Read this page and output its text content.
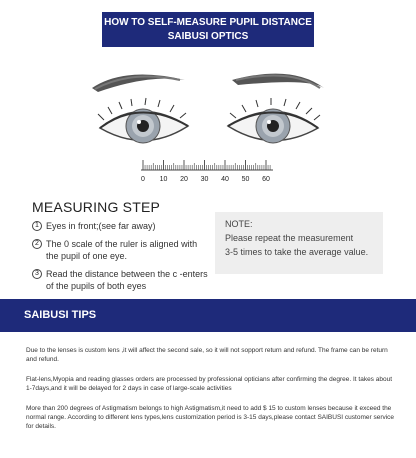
HOW TO SELF-MEASURE PUPIL DISTANCE
SAIBUSI OPTICS
0 10 20 30 40 50 60
MEASURING STEP
1 Eyes in front;(see far away)
2 The 0 scale of the ruler is aligned with the pupil of one eye.
3 Read the distance between the c -enters of the pupils of both eyes
NOTE:
Please repeat the measurement
3-5 times to take the average value.
SAIBUSI TIPS
Due to the lenses is custom lens ,it will affect the second sale, so it will not sopport return and refund. The frame can be return and refund.
Flat-lens,Myopia and reading glasses orders are processed by professional opticians after confirming the degree. It takes about 1-7days,and it will be delayed for 2 days in case of large-scale activities
More than 200 degrees of Astigmatism belongs to high Astigmatism,it need to add $ 15 to custom lenses because it exceed the normal range. According to different lens types,lens customization period is 3-15 days,please contact SAIBUSI customer service for details.
